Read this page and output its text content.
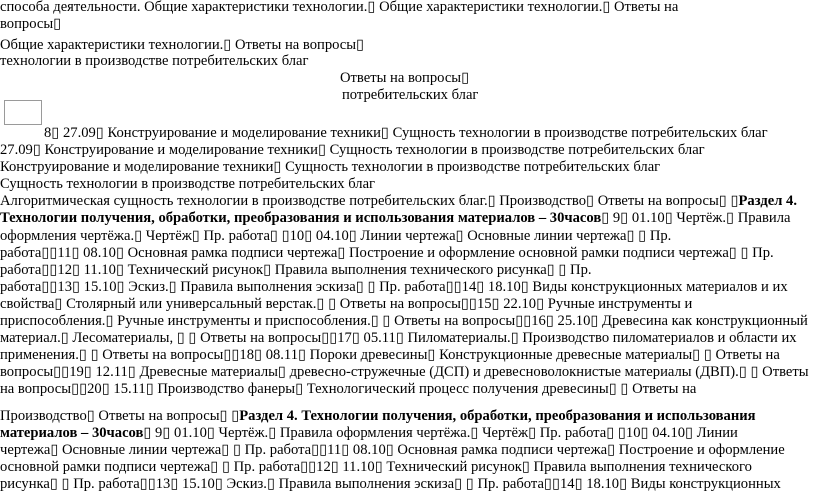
способа деятельности. Общие характеристики технологии.▯ Общие характеристики технологии.▯ Ответы на
вопросы▯
Общие характеристики технологии.▯ Ответы на вопросы▯
технологии в производстве потребительских благ
Ответы на вопросы▯
потребительских благ
8▯ 27.09▯ Конструирование и моделирование техники▯ Сущность технологии в производстве потребительских благ
27.09▯ Конструирование и моделирование техники▯ Сущность технологии в производстве потребительских благ
Конструирование и моделирование техники▯ Сущность технологии в производстве потребительских благ
Сущность технологии в производстве потребительских благ
Алгоритмическая сущность технологии в производстве потребительских благ.▯ Производство▯ Ответы на вопросы▯ ▯Раздел 4.
Технологии получения, обработки, преобразования и использования материалов – 30часов▯ 9▯ 01.10▯ Чертёж.▯ Правила
оформления чертёжа.▯ Чертёж▯ Пр. работа▯ ▯10▯ 04.10▯ Линии чертежа▯ Основные линии чертежа▯ ▯ Пр.
работа▯▯11▯ 08.10▯ Основная рамка подписи чертежа▯ Построение и оформление основной рамки подписи чертежа▯ ▯ Пр.
работа▯▯12▯ 11.10▯ Технический рисунок▯ Правила выполнения технического рисунка▯ ▯ Пр.
работа▯▯13▯ 15.10▯ Эскиз.▯ Правила выполнения эскиза▯ ▯ Пр. работа▯▯14▯ 18.10▯ Виды конструкционных материалов и их
свойства▯ Столярный или универсальный верстак.▯ ▯ Ответы на вопросы▯▯15▯ 22.10▯ Ручные инструменты и
приспособления.▯ Ручные инструменты и приспособления.▯ ▯ Ответы на вопросы▯▯16▯ 25.10▯ Древесина как конструкционный
материал.▯ Лесоматериалы, ▯ ▯ Ответы на вопросы▯▯17▯ 05.11▯ Пиломатериалы.▯ Производство пиломатериалов и области их
применения.▯ ▯ Ответы на вопросы▯▯18▯ 08.11▯ Пороки древесины▯ Конструкционные древесные материалы▯ ▯ Ответы на
вопросы▯▯19▯ 12.11▯ Древесные материалы▯ древесно-стружечные (ДСП) и древесноволокнистые материалы (ДВП).▯ ▯ Ответы
на вопросы▯▯20▯ 15.11▯ Производство фанеры▯ Технологический процесс получения древесины▯ ▯ Ответы на
Производство▯ Ответы на вопросы▯ ▯Раздел 4. Технологии получения, обработки, преобразования и использования
материалов – 30часов▯ 9▯ 01.10▯ Чертёж.▯ Правила оформления чертёжа.▯ Чертёж▯ Пр. работа▯ ▯10▯ 04.10▯ Линии
чертежа▯ Основные линии чертежа▯ ▯ Пр. работа▯▯11▯ 08.10▯ Основная рамка подписи чертежа▯ Построение и оформление
основной рамки подписи чертежа▯ ▯ Пр. работа▯▯12▯ 11.10▯ Технический рисунок▯ Правила выполнения технического
рисунка▯ ▯ Пр. работа▯▯13▯ 15.10▯ Эскиз.▯ Правила выполнения эскиза▯ ▯ Пр. работа▯▯14▯ 18.10▯ Виды конструкционных
